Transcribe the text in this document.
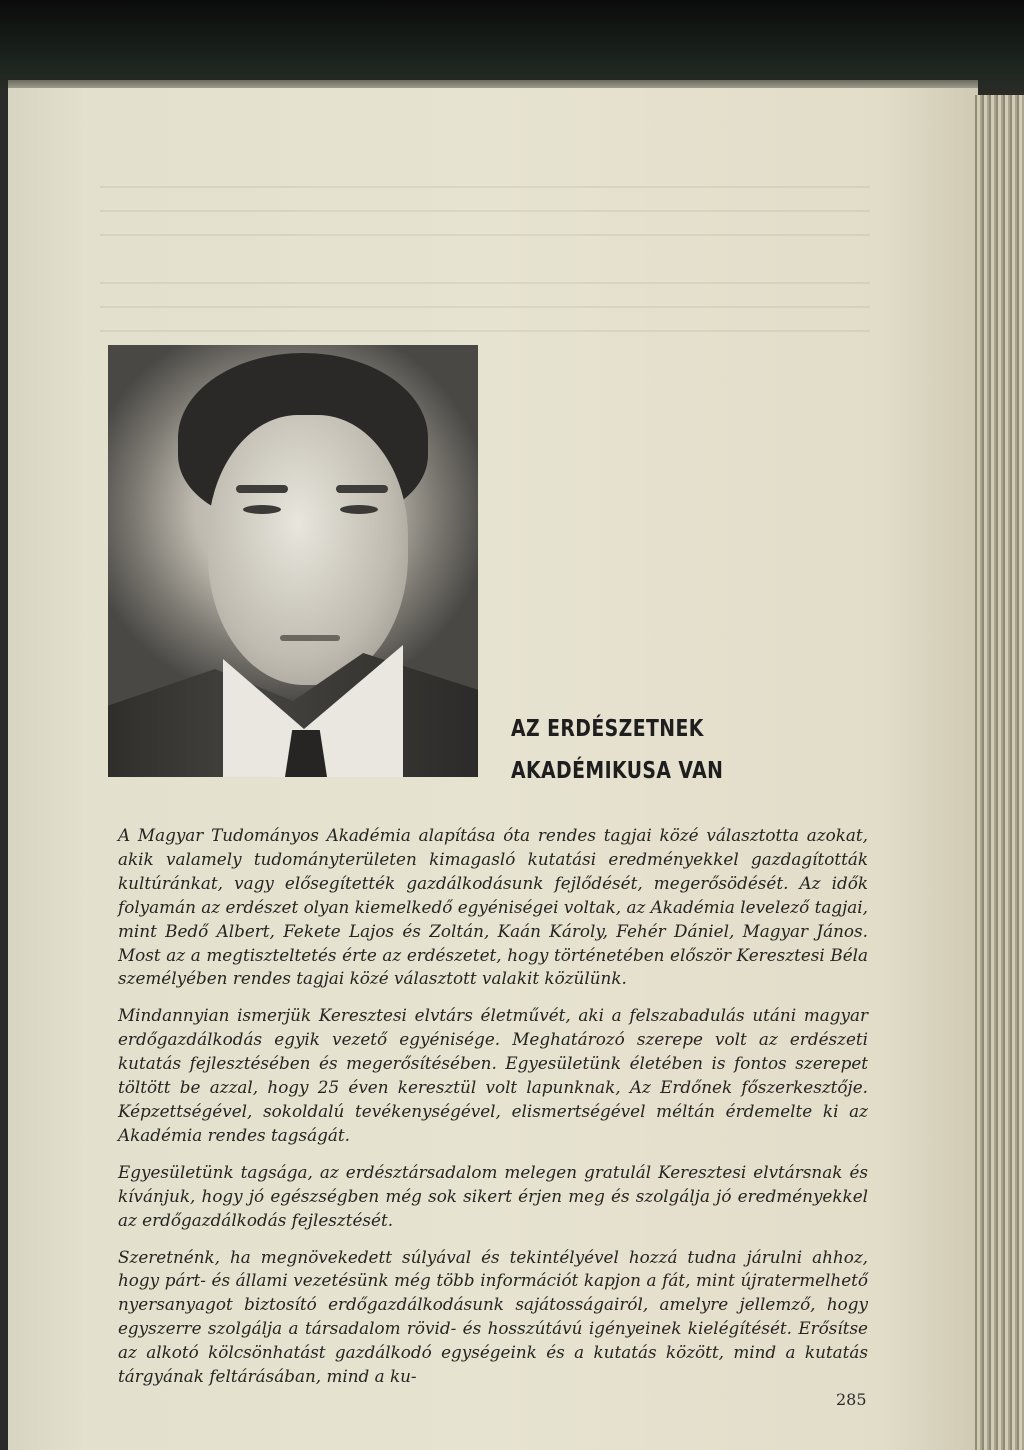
AZ ERDÉSZETNEK
AKADÉMIKUSA VAN

A Magyar Tudományos Akadémia alapítása óta rendes tagjai közé választotta azokat, akik valamely tudományterületen kimagasló kutatási eredményekkel gazdagították kultúránkat, vagy elősegítették gazdálkodásunk fejlődését, megerősödését. Az idők folyamán az erdészet olyan kiemelkedő egyéniségei voltak, az Akadémia levelező tagjai, mint Bedő Albert, Fekete Lajos és Zoltán, Kaán Károly, Fehér Dániel, Magyar János. Most az a megtiszteltetés érte az erdészetet, hogy történetében először Keresztesi Béla személyében rendes tagjai közé választott valakit közülünk.

Mindannyian ismerjük Keresztesi elvtárs életművét, aki a felszabadulás utáni magyar erdőgazdálkodás egyik vezető egyénisége. Meghatározó szerepe volt az erdészeti kutatás fejlesztésében és megerősítésében. Egyesületünk életében is fontos szerepet töltött be azzal, hogy 25 éven keresztül volt lapunknak, Az Erdőnek főszerkesztője. Képzettségével, sokoldalú tevékenységével, elismertségével méltán érdemelte ki az Akadémia rendes tagságát.

Egyesületünk tagsága, az erdésztársadalom melegen gratulál Keresztesi elvtársnak és kívánjuk, hogy jó egészségben még sok sikert érjen meg és szolgálja jó eredményekkel az erdőgazdálkodás fejlesztését.

Szeretnénk, ha megnövekedett súlyával és tekintélyével hozzá tudna járulni ahhoz, hogy párt- és állami vezetésünk még több információt kapjon a fát, mint újratermelhető nyersanyagot biztosító erdőgazdálkodásunk sajátosságairól, amelyre jellemző, hogy egyszerre szolgálja a társadalom rövid- és hosszútávú igényeinek kielégítését. Erősítse az alkotó kölcsönhatást gazdálkodó egységeink és a kutatás között, mind a kutatás tárgyának feltárásában, mind a ku-

285
